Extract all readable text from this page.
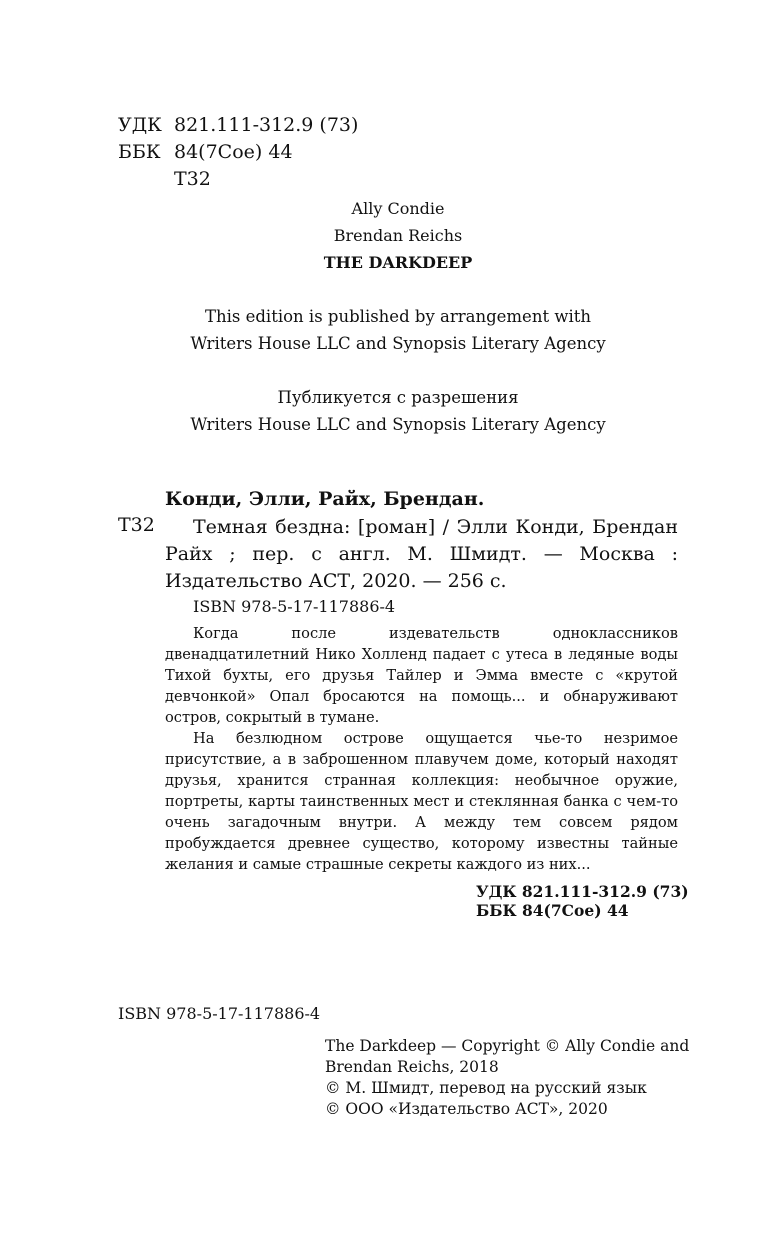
УДК 821.111-312.9 (73)
ББК 84(7Сое) 44
Т32
Ally Condie
Brendan Reichs
THE DARKDEEP
This edition is published by arrangement with
Writers House LLC and Synopsis Literary Agency
Публикуется с разрешения
Writers House LLC and Synopsis Literary Agency
Конди, Элли, Райх, Брендан.
Т32	Темная бездна: [роман] / Элли Конди, Брендан Райх ; пер. с англ. М. Шмидт. — Москва : Издательство АСТ, 2020. — 256 с.
ISBN 978-5-17-117886-4

Когда после издевательств одноклассников двенадцатилетний Нико Холленд падает с утеса в ледяные воды Тихой бухты, его друзья Тайлер и Эмма вместе с «крутой девчонкой» Опал бросаются на помощь... и обнаруживают остров, сокрытый в тумане.

На безлюдном острове ощущается чье-то незримое присутствие, а в заброшенном плавучем доме, который находят друзья, хранится странная коллекция: необычное оружие, портреты, карты таинственных мест и стеклянная банка с чем-то очень загадочным внутри. А между тем совсем рядом пробуждается древнее существо, которому известны тайные желания и самые страшные секреты каждого из них...

УДК 821.111-312.9 (73)
ББК 84(7Сое) 44
ISBN 978-5-17-117886-4
The Darkdeep — Copyright © Ally Condie and
Brendan Reichs, 2018
© М. Шмидт, перевод на русский язык
© ООО «Издательство АСТ», 2020
